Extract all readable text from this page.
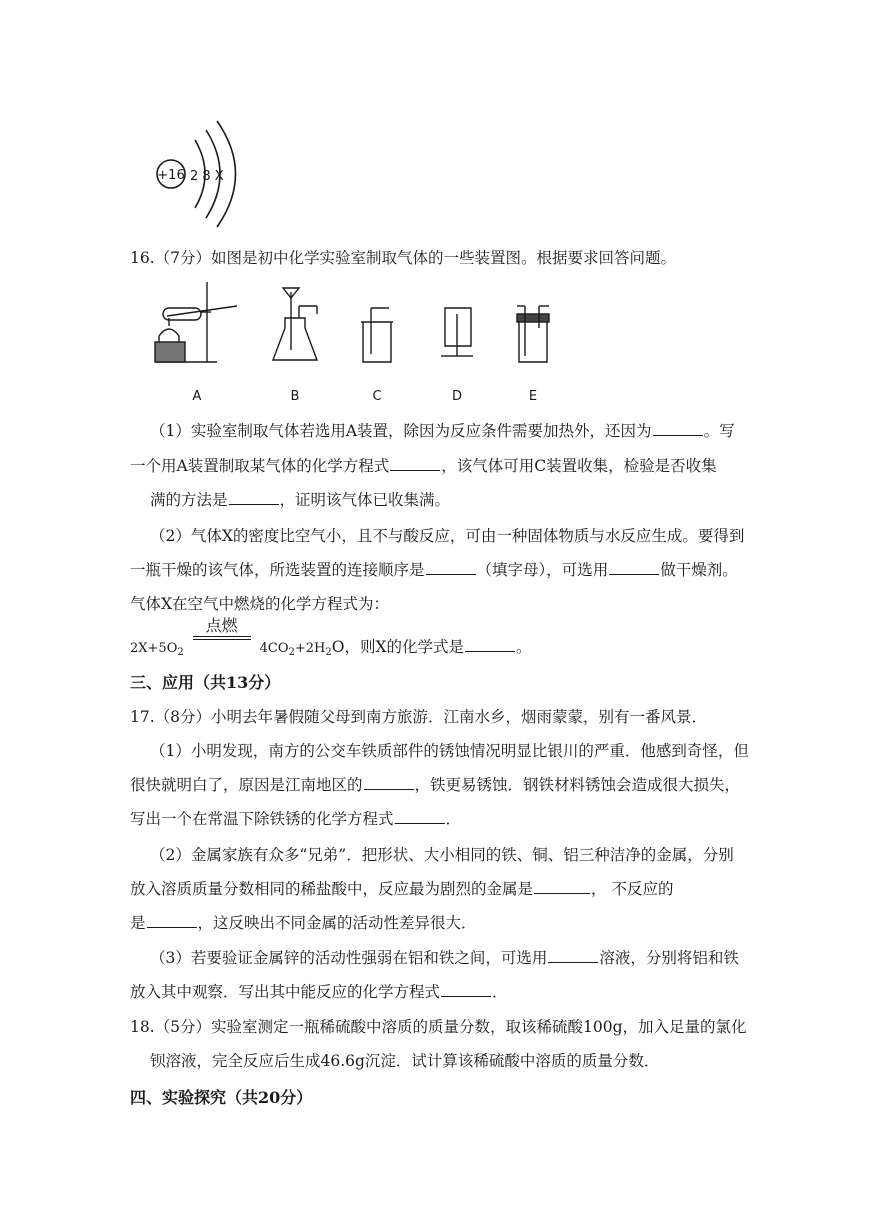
+16 2 8 X
16.（7分）如图是初中化学实验室制取气体的一些装置图。根据要求回答问题。
A	B	C	D	E
（1）实验室制取气体若选用A装置，除因为反应条件需要加热外，还因为	。写
一个用A装置制取某气体的化学方程式	，该气体可用C装置收集，检验是否收集
满的方法是	，证明该气体已收集满。
（2）气体X的密度比空气小，且不与酸反应，可由一种固体物质与水反应生成。要得到
一瓶干燥的该气体，所选装置的连接顺序是	（填字母），可选用	做干燥剂。
气体X在空气中燃烧的化学方程式为：
$2X+5O_2$
点燃
$4CO_2+2H_2O$，则X的化学式是	。
三、应用（共13分）
17.（8分）小明去年暑假随父母到南方旅游．江南水乡，烟雨蒙蒙，别有一番风景．
（1）小明发现，南方的公交车铁质部件的锈蚀情况明显比银川的严重．他感到奇怪，但
很快就明白了，原因是江南地区的	，铁更易锈蚀．钢铁材料锈蚀会造成很大损失，
写出一个在常温下除铁锈的化学方程式	．
（2）金属家族有众多“兄弟”．把形状、大小相同的铁、铜、铝三种洁净的金属，分别
放入溶质质量分数相同的稀盐酸中，反应最为剧烈的金属是	， 不反应的
是	，这反映出不同金属的活动性差异很大．
（3）若要验证金属锌的活动性强弱在铝和铁之间，可选用	溶液，分别将铝和铁
放入其中观察．写出其中能反应的化学方程式	．
18.（5分）实验室测定一瓶稀硫酸中溶质的质量分数，取该稀硫酸100g，加入足量的氯化
钡溶液，完全反应后生成46.6g沉淀．试计算该稀硫酸中溶质的质量分数．
四、实验探究（共20分）
